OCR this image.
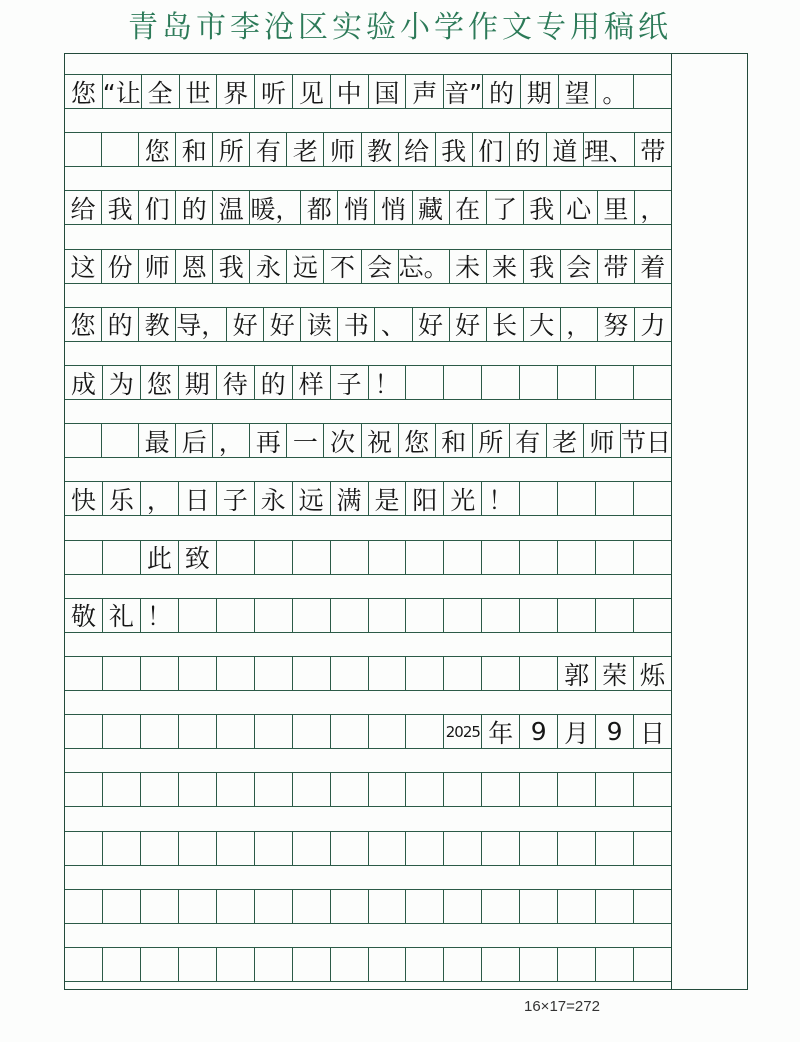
青岛市李沧区实验小学作文专用稿纸
您 “让 全 世 界 听 见 中 国 声 音” 的 期 望 。
您 和 所 有 老 师 教 给 我 们 的 道 理、 带
给 我 们 的 温 暖， 都 悄 悄 藏 在 了 我 心 里 ，
这 份 师 恩 我 永 远 不 会 忘。 未 来 我 会 带 着
您 的 教 导， 好 好 读 书 、 好 好 长 大 ， 努 力
成 为 您 期 待 的 样 子 ！
最 后 ， 再 一 次 祝 您 和 所 有 老 师 节日
快 乐 ， 日 子 永 远 满 是 阳 光 ！
此 致
敬 礼 ！
郭 荣 烁
2025 年 9 月 9 日
16×17=272
